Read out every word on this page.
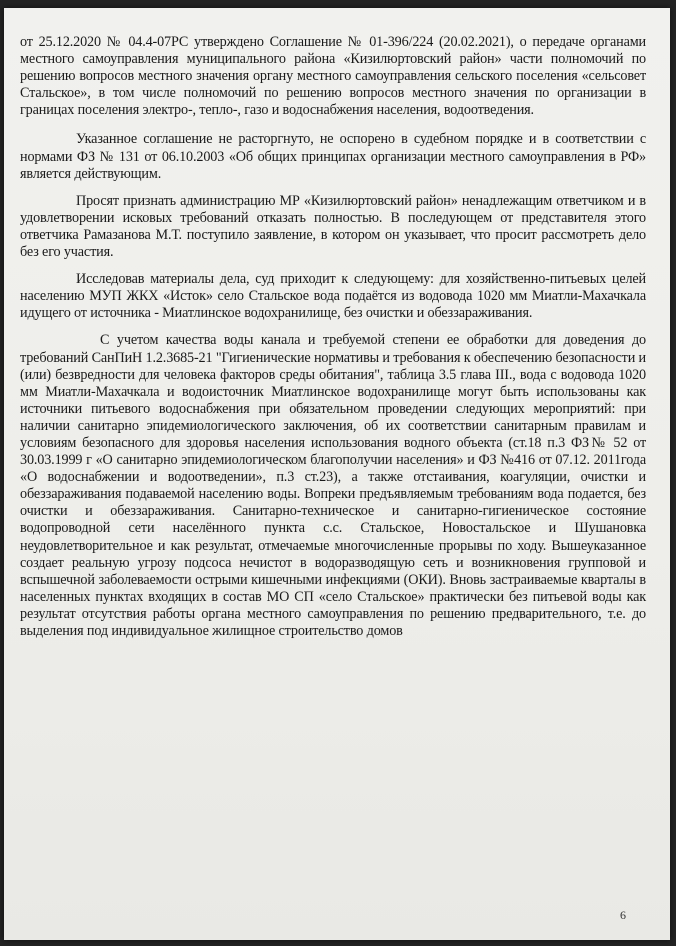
от 25.12.2020 № 04.4-07РС утверждено Соглашение № 01-396/224 (20.02.2021), о передаче органами местного самоуправления муниципального района «Кизилюртовский район» части полномочий по решению вопросов местного значения органу местного самоуправления сельского поселения «сельсовет Стальское», в том числе полномочий по решению вопросов местного значения по организации в границах поселения электро-, тепло-, газо и водоснабжения населения, водоотведения.

Указанное соглашение не расторгнуто, не оспорено в судебном порядке и в соответствии с нормами ФЗ № 131 от 06.10.2003 «Об общих принципах организации местного самоуправления в РФ» является действующим.

Просят признать администрацию МР «Кизилюртовский район» ненадлежащим ответчиком и в удовлетворении исковых требований отказать полностью. В последующем от представителя этого ответчика Рамазанова М.Т. поступило заявление, в котором он указывает, что просит рассмотреть дело без его участия.

Исследовав материалы дела, суд приходит к следующему: для хозяйственно-питьевых целей населению МУП ЖКХ «Исток» село Стальское вода подаётся из водовода 1020 мм Миатли-Махачкала идущего от источника - Миатлинское водохранилище, без очистки и обеззараживания.

С учетом качества воды канала и требуемой степени ее обработки для доведения до требований СанПиН 1.2.3685-21 "Гигиенические нормативы и требования к обеспечению безопасности и (или) безвредности для человека факторов среды обитания", таблица 3.5 глава III., вода с водовода 1020 мм Миатли-Махачкала и водоисточник Миатлинское водохранилище могут быть использованы как источники питьевого водоснабжения при обязательном проведении следующих мероприятий: при наличии санитарно эпидемиологического заключения, об их соответствии санитарным правилам и условиям безопасного для здоровья населения использования водного объекта (ст.18 п.3 ФЗ№ 52 от 30.03.1999 г «О санитарно эпидемиологическом благополучии населения» и ФЗ №416 от 07.12. 2011года «О водоснабжении и водоотведении», п.3 ст.23), а также отстаивания, коагуляции, очистки и обеззараживания подаваемой населению воды. Вопреки предъявляемым требованиям вода подается, без очистки и обеззараживания. Санитарно-техническое и санитарно-гигиеническое состояние водопроводной сети населённого пункта с.с. Стальское, Новостальское и Шушановка неудовлетворительное и как результат, отмечаемые многочисленные прорывы по ходу. Вышеуказанное создает реальную угрозу подсоса нечистот в водоразводящую сеть и возникновения групповой и вспышечной заболеваемости острыми кишечными инфекциями (ОКИ). Вновь застраиваемые кварталы в населенных пунктах входящих в состав МО СП «село Стальское» практически без питьевой воды как результат отсутствия работы органа местного самоуправления по решению предварительного, т.е. до выделения под индивидуальное жилищное строительство домов

6
